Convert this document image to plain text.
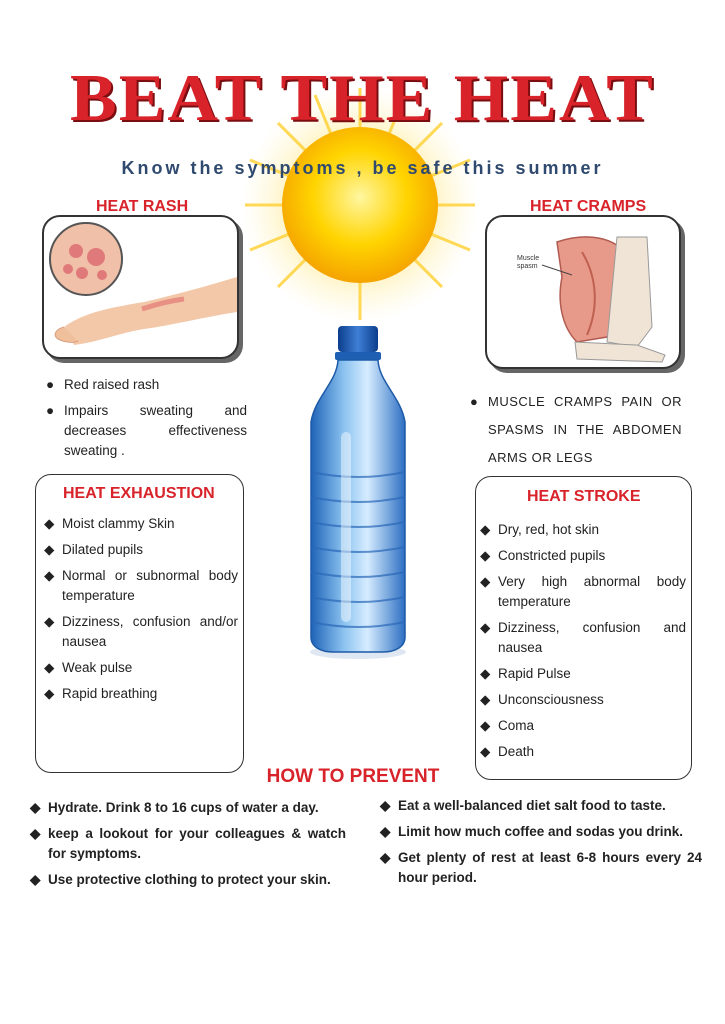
BEAT THE HEAT
Know the symptoms , be safe this summer
HEAT RASH
● Red raised rash
● Impairs sweating and decreases effectiveness sweating .
HEAT CRAMPS
Muscle spasm
● MUSCLE CRAMPS PAIN OR SPASMS IN THE ABDOMEN ARMS OR LEGS
HEAT EXHAUSTION
◆ Moist clammy Skin
◆ Dilated pupils
◆ Normal or subnormal body temperature
◆ Dizziness, confusion and/or nausea
◆ Weak pulse
◆ Rapid breathing
HEAT STROKE
◆ Dry, red, hot skin
◆ Constricted pupils
◆ Very high abnormal body temperature
◆ Dizziness, confusion and nausea
◆ Rapid Pulse
◆ Unconsciousness
◆ Coma
◆ Death
HOW TO PREVENT
◆ Hydrate. Drink 8 to 16 cups of water a day.
◆ keep a lookout for your colleagues & watch for symptoms.
◆ Use protective clothing to protect your skin.
◆ Eat a well-balanced diet salt food to taste.
◆ Limit how much coffee and sodas you drink.
◆ Get plenty of rest at least 6-8 hours every 24 hour period.
